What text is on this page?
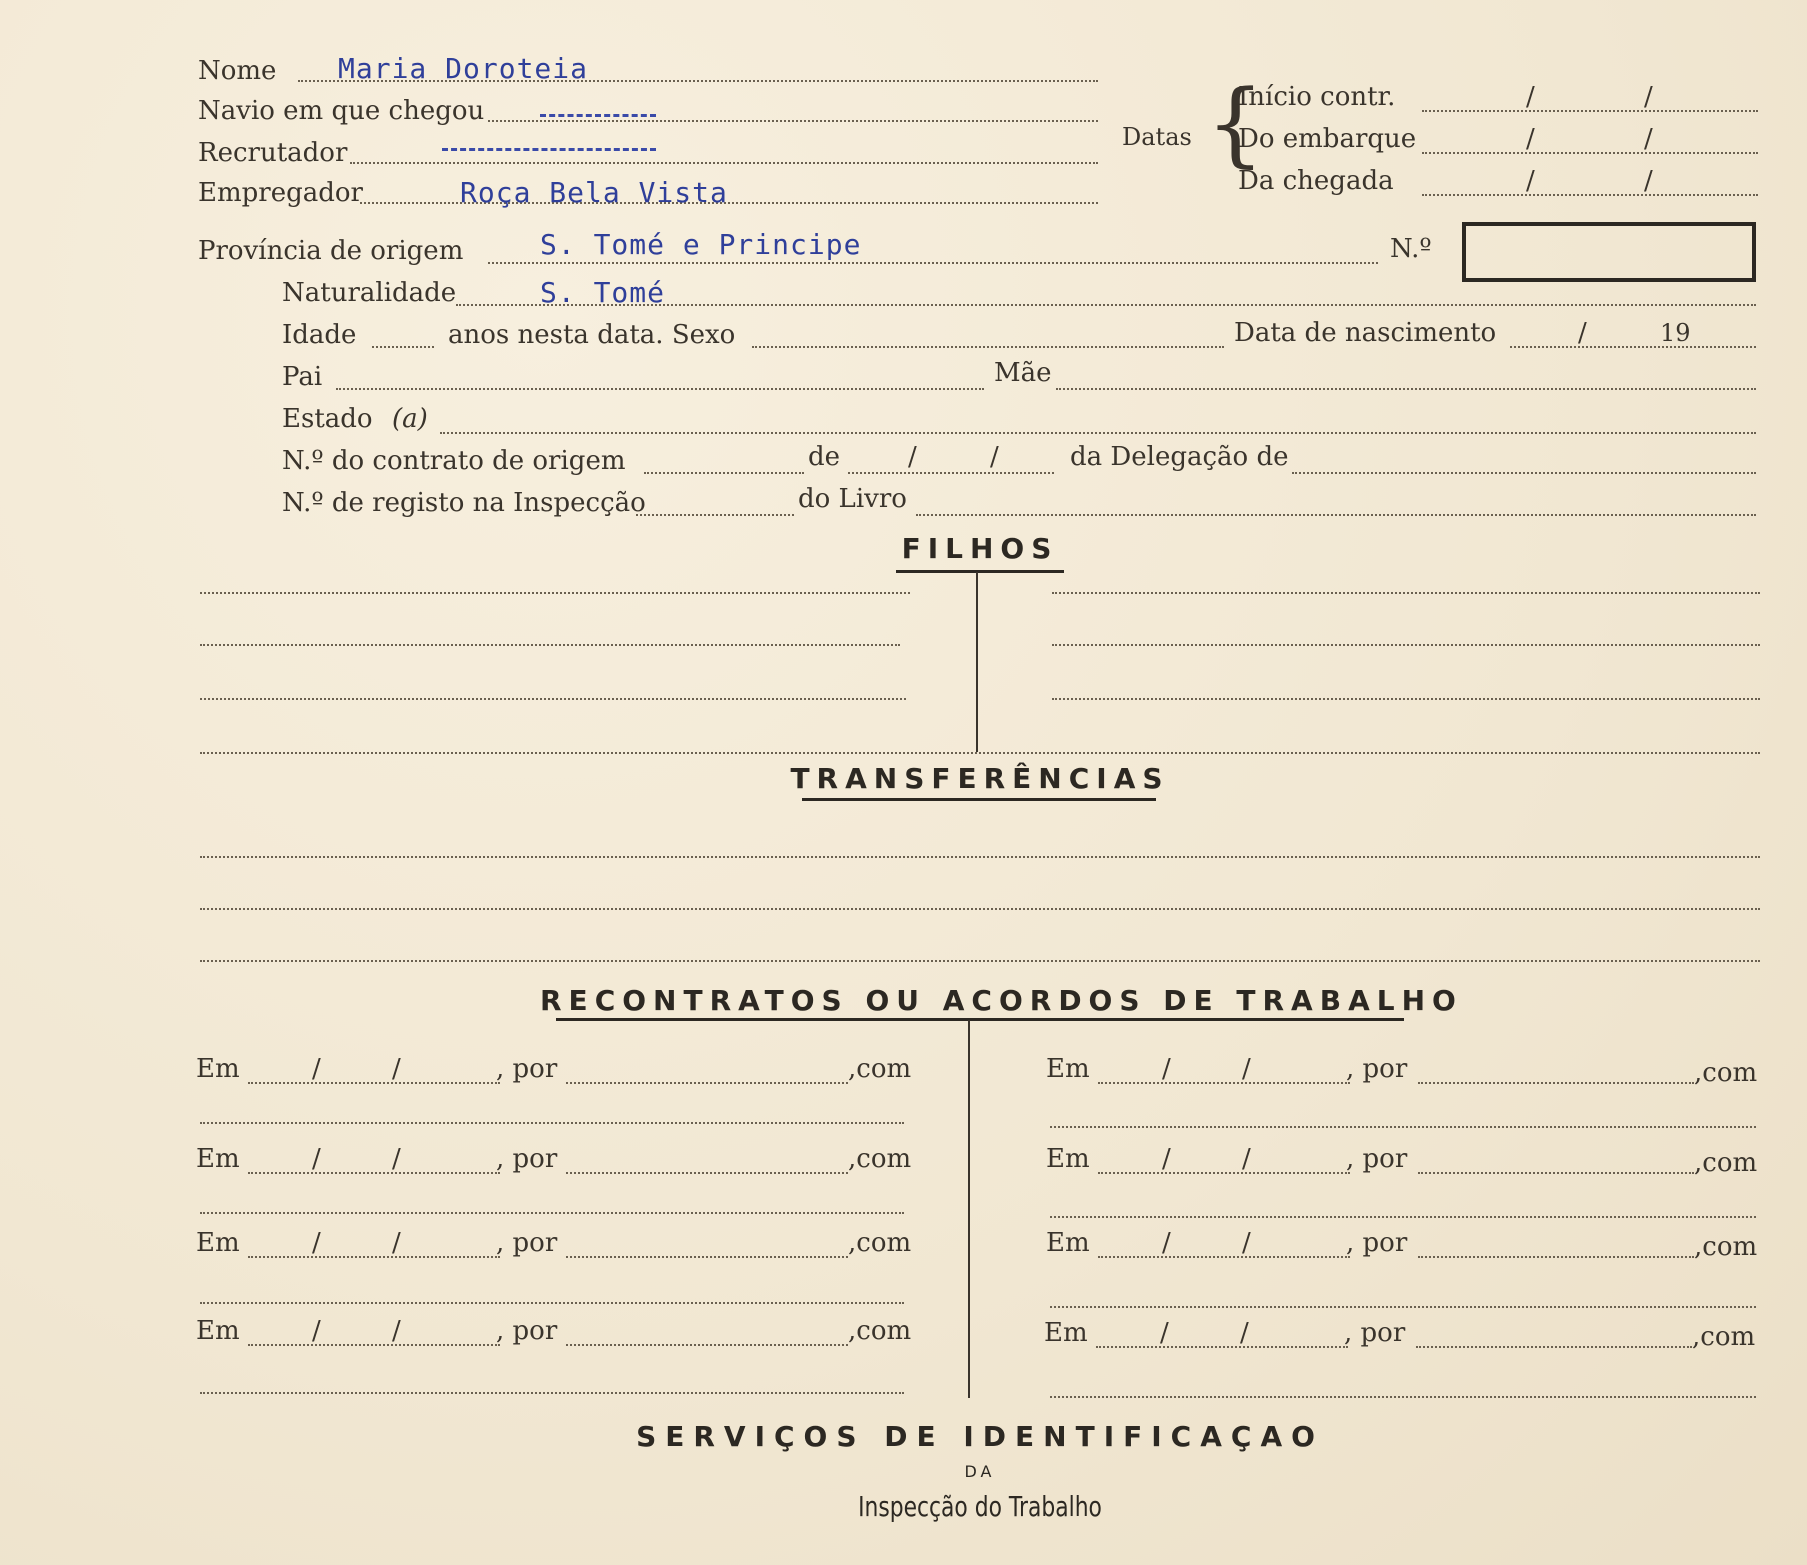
Nome Maria Doroteia
Navio em que chegou
Recrutador
Empregador	Roça Bela Vista
Datas {
Início contr.	/	/
Do embarque	/	/
Da chegada	/	/
Província de origem	S. Tomé e Principe	N.º
Naturalidade	S. Tomé
Idade	anos nesta data. Sexo	Data de nascimento	/	19
Pai	Mãe
Estado (a)
N.º do contrato de origem	de	/	/	da Delegação de
N.º de registo na Inspecção	do Livro
FILHOS
TRANSFERÊNCIAS
RECONTRATOS OU ACORDOS DE TRABALHO
Em	/	/	, por	,com
Em	/	/	, por	,com
Em	/	/	, por	,com
Em	/	/	, por	,com
Em	/	/	, por	,com
Em	/	/	, por	,com
Em	/	/	, por	,com
Em	/	/	, por	,com
SERVIÇOS DE IDENTIFICAÇAO
DA
Inspecção do Trabalho
